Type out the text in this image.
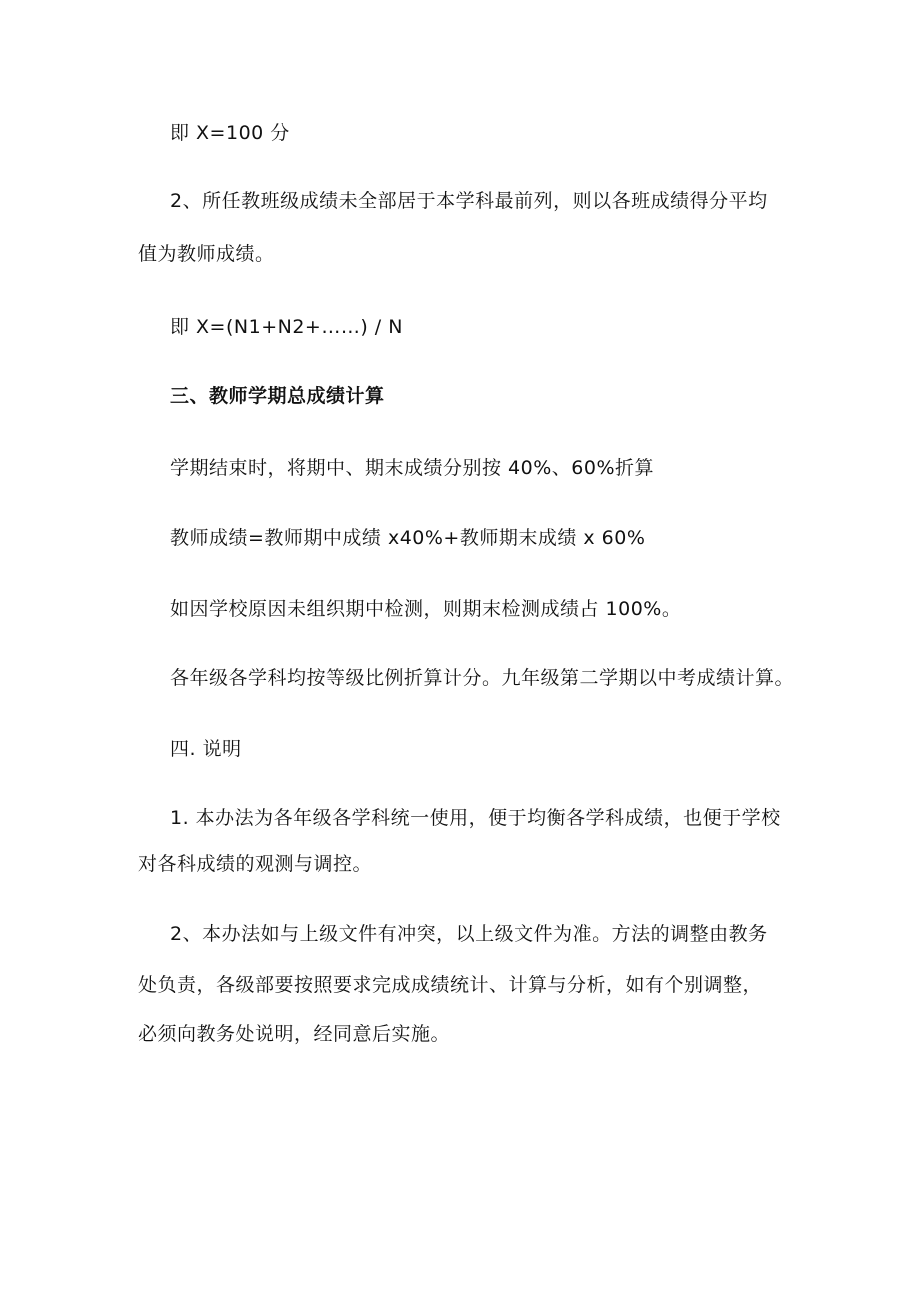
即 X=100 分
2、所任教班级成绩未全部居于本学科最前列，则以各班成绩得分平均
值为教师成绩。
即 X=(N1+N2+……) / N
三、教师学期总成绩计算
学期结束时，将期中、期末成绩分别按 40%、60%折算
教师成绩=教师期中成绩 x40%+教师期末成绩 x 60%
如因学校原因未组织期中检测，则期末检测成绩占 100%。
各年级各学科均按等级比例折算计分。九年级第二学期以中考成绩计算。
四. 说明
1. 本办法为各年级各学科统一使用，便于均衡各学科成绩，也便于学校
对各科成绩的观测与调控。
2、本办法如与上级文件有冲突，以上级文件为准。方法的调整由教务
处负责，各级部要按照要求完成成绩统计、计算与分析，如有个别调整，
必须向教务处说明，经同意后实施。
